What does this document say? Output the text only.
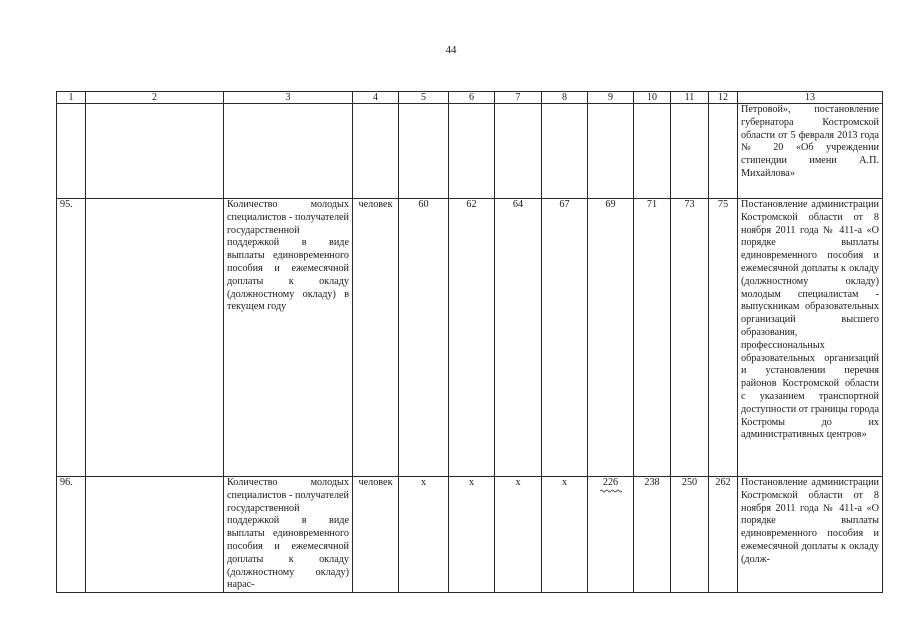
44
1	2	3	4	5	6	7	8	9	10	11	12	13
												Петровой», постановление губернатора Костромской области от 5 февраля 2013 года № 20 «Об учреждении стипендии имени А.П. Михайлова»
95.		Количество молодых специалистов - получателей государственной поддержкой в виде выплаты единовременного пособия и ежемесячной доплаты к окладу (должностному окладу) в текущем году	человек	60	62	64	67	69	71	73	75	Постановление администрации Костромской области от 8 ноября 2011 года № 411-а «О порядке выплаты единовременного пособия и ежемесячной доплаты к окладу (должностному окладу) молодым специалистам - выпускникам образовательных организаций высшего образования, профессиональных образовательных организаций и установлении перечня районов Костромской области с указанием транспортной доступности от границы города Костромы до их административных центров»
96.		Количество молодых специалистов - получателей государственной поддержкой в виде выплаты единовременного пособия и ежемесячной доплаты к окладу (должностному окладу) нарас-	человек	х	х	х	х	226	238	250	262	Постановление администрации Костромской области от 8 ноября 2011 года № 411-а «О порядке выплаты единовременного пособия и ежемесячной доплаты к окладу (долж-
